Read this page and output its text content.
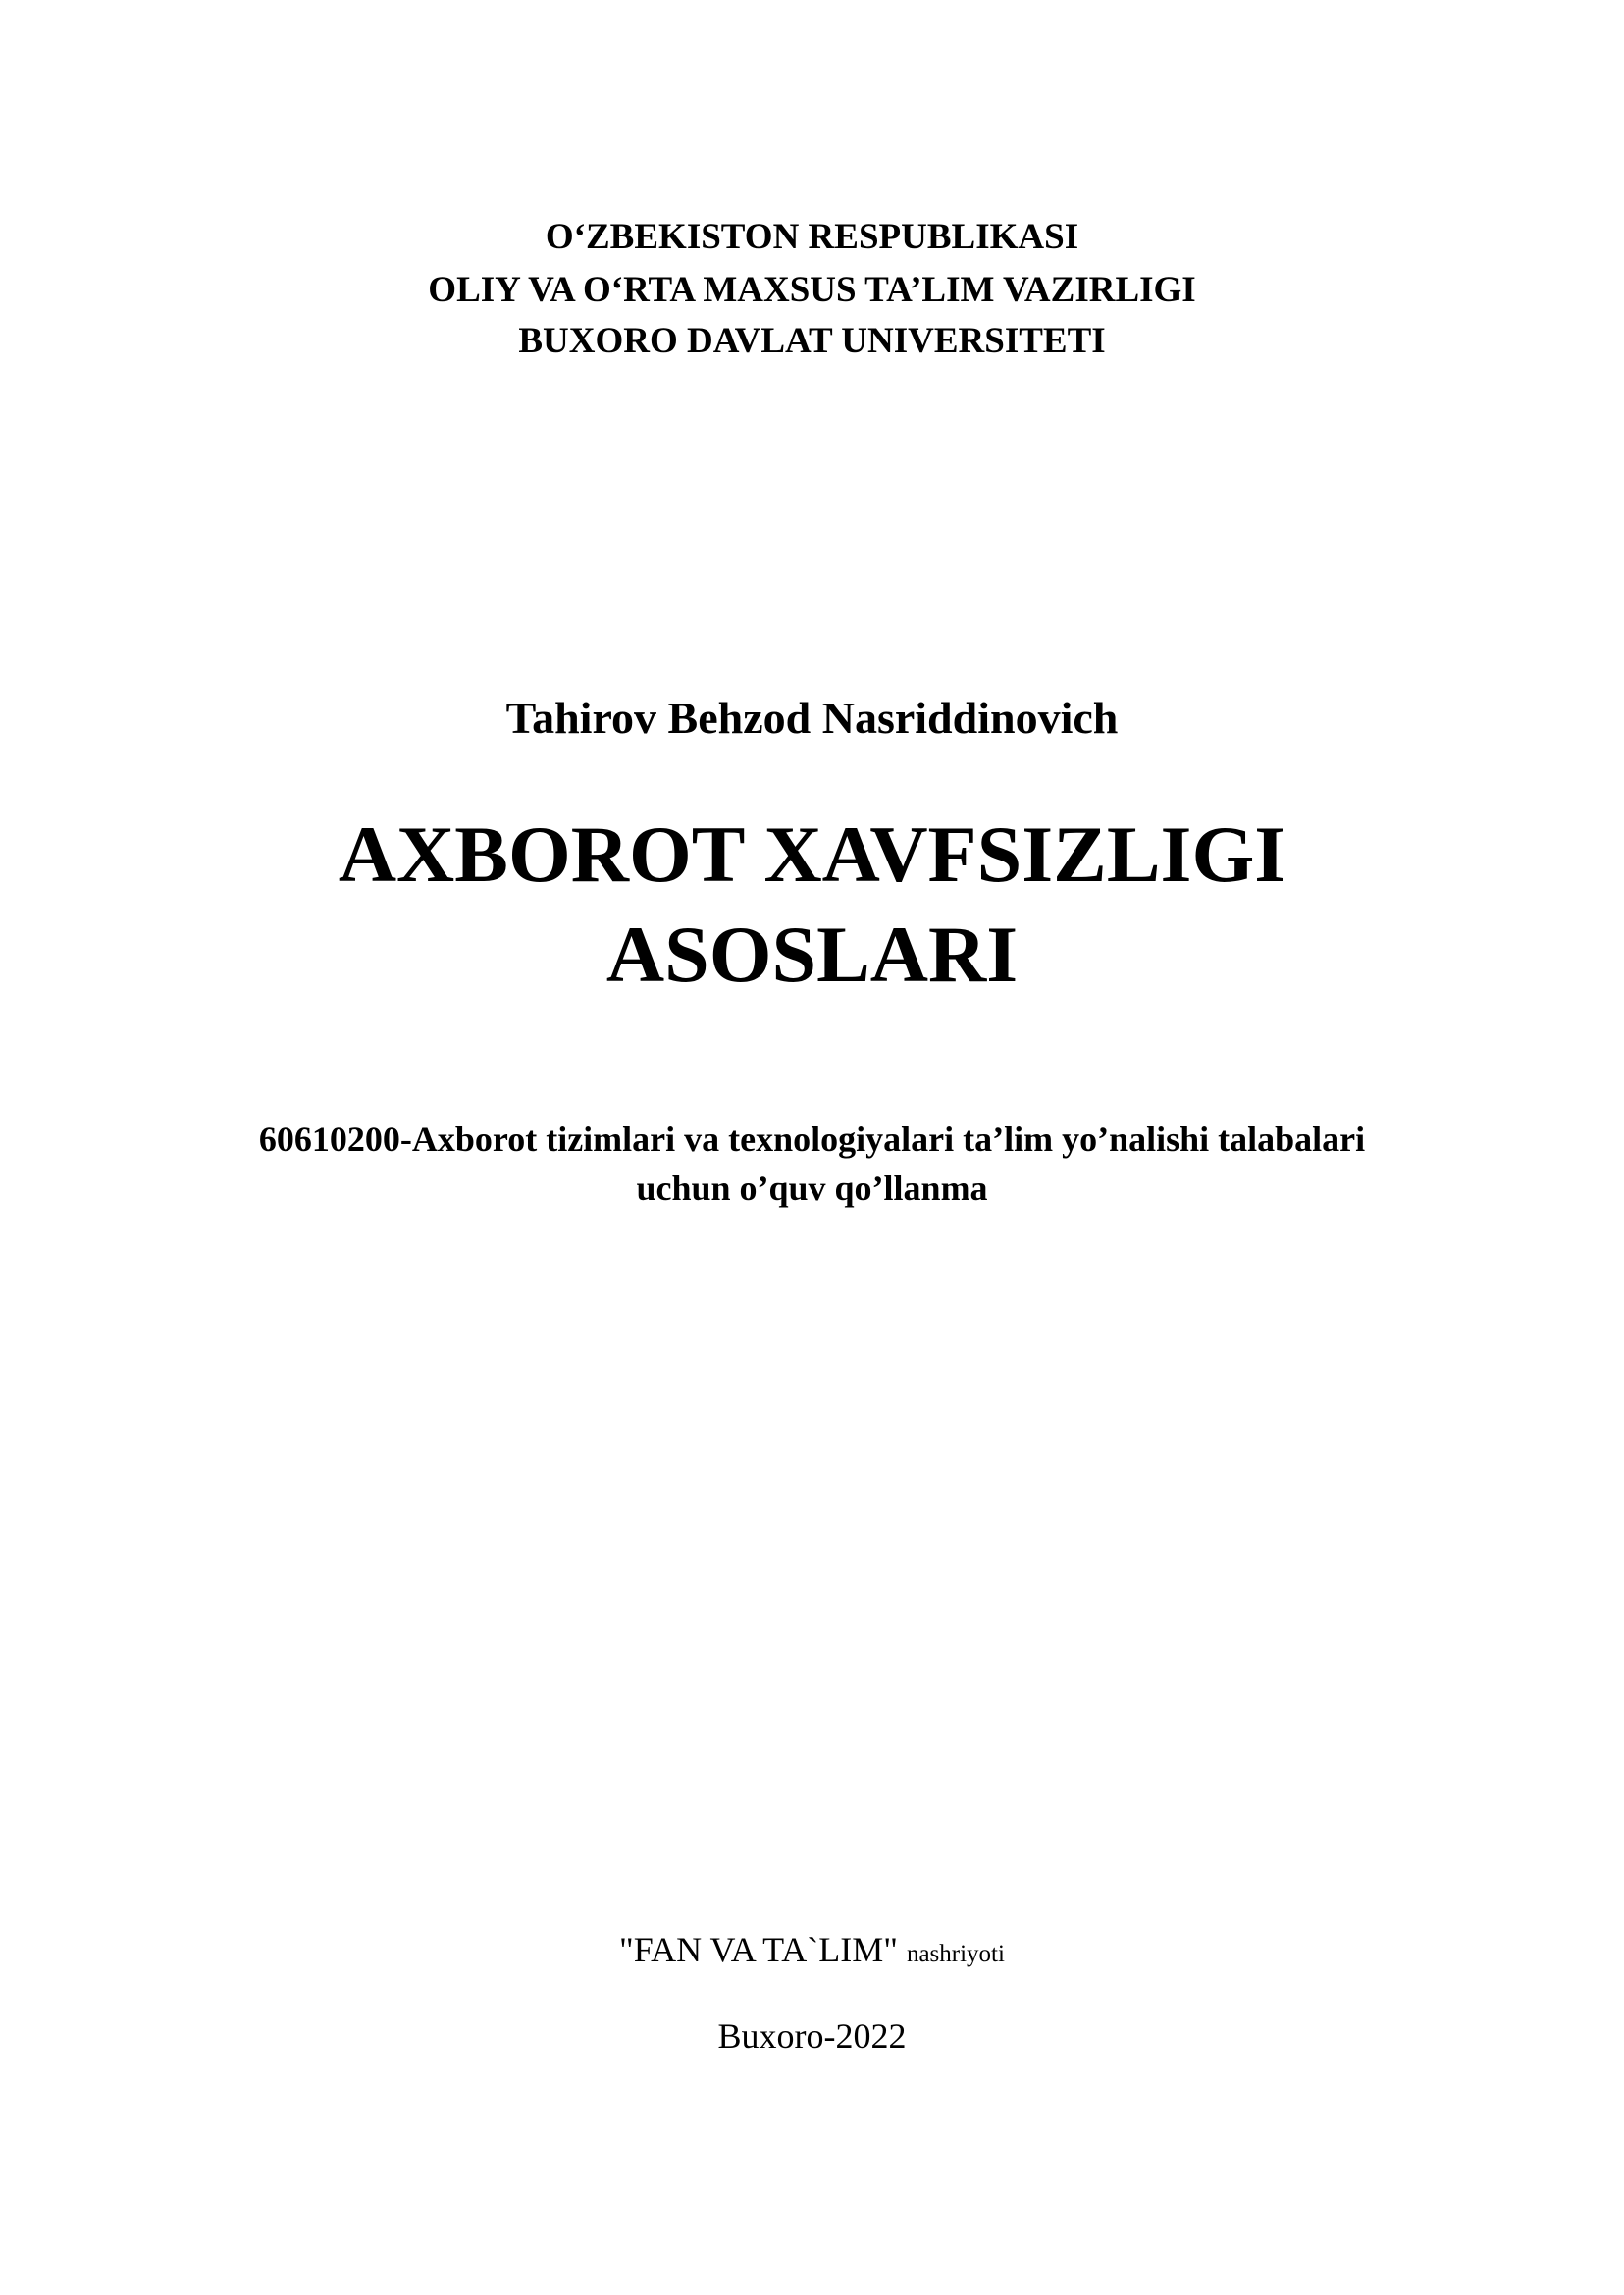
O‘ZBEKISTON RESPUBLIKASI
OLIY VA O‘RTA MAXSUS TA’LIM VAZIRLIGI
BUXORO DAVLAT UNIVERSITETI
Tahirov Behzod Nasriddinovich
AXBOROT XAVFSIZLIGI
ASOSLARI
60610200-Axborot tizimlari va texnologiyalari ta’lim yo’nalishi talabalari
uchun o’quv qo’llanma
"FAN VA TA`LIM" nashriyoti
Buxoro-2022
